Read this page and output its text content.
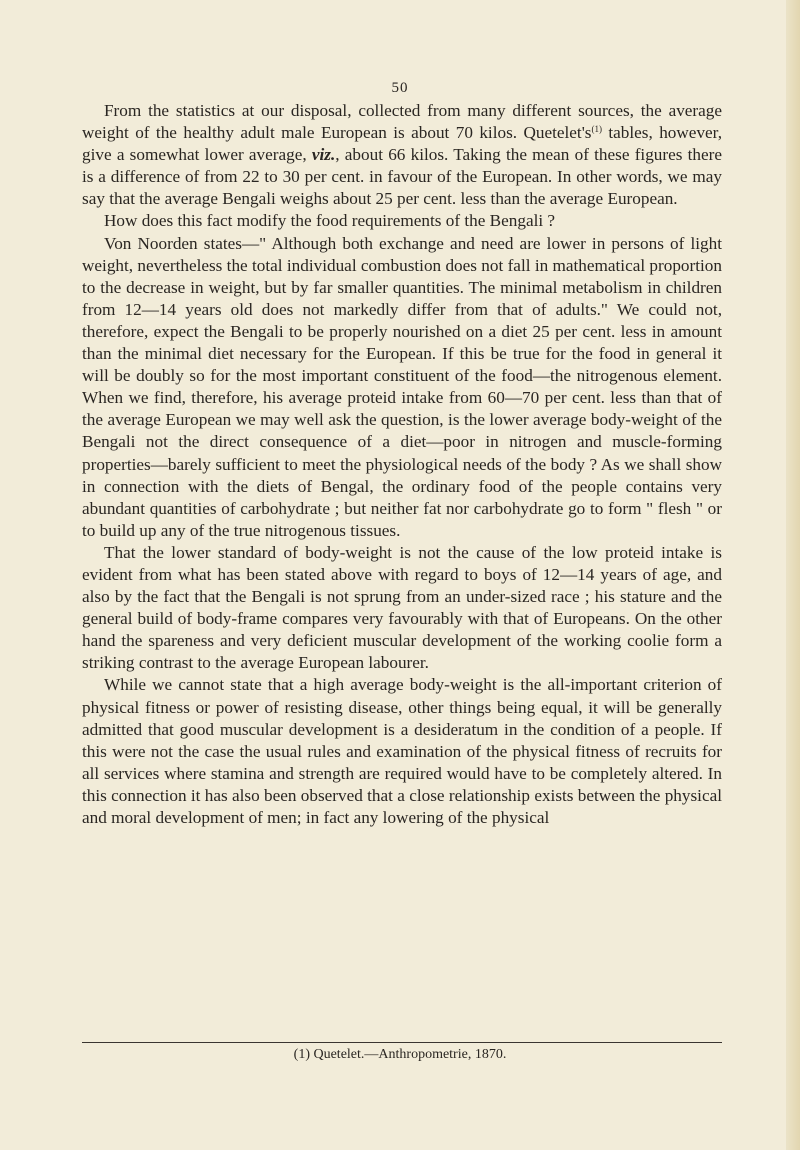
50

From the statistics at our disposal, collected from many different sources, the average weight of the healthy adult male European is about 70 kilos. $Quetelet's^{(1)}$ tables, however, give a somewhat lower average, viz., about 66 kilos. Taking the mean of these figures there is a difference of from 22 to 30 per cent. in favour of the European. In other words, we may say that the average Bengali weighs about 25 per cent. less than the average European.

How does this fact modify the food requirements of the Bengali ?

Von Noorden states—" Although both exchange and need are lower in persons of light weight, nevertheless the total individual combustion does not fall in mathematical proportion to the decrease in weight, but by far smaller quantities. The minimal metabolism in children from 12—14 years old does not markedly differ from that of adults." We could not, therefore, expect the Bengali to be properly nourished on a diet 25 per cent. less in amount than the minimal diet necessary for the European. If this be true for the food in general it will be doubly so for the most important constituent of the food—the nitrogenous element. When we find, therefore, his average proteid intake from 60—70 per cent. less than that of the average European we may well ask the question, is the lower average body-weight of the Bengali not the direct consequence of a diet—poor in nitrogen and muscle-forming properties—barely sufficient to meet the physiological needs of the body ? As we shall show in connection with the diets of Bengal, the ordinary food of the people contains very abundant quantities of carbohydrate ; but neither fat nor carbohydrate go to form " flesh " or to build up any of the true nitrogenous tissues.

That the lower standard of body-weight is not the cause of the low proteid intake is evident from what has been stated above with regard to boys of 12—14 years of age, and also by the fact that the Bengali is not sprung from an under-sized race ; his stature and the general build of body-frame compares very favourably with that of Europeans. On the other hand the spareness and very deficient muscular development of the working coolie form a striking contrast to the average European labourer.

While we cannot state that a high average body-weight is the all-important criterion of physical fitness or power of resisting disease, other things being equal, it will be generally admitted that good muscular development is a desideratum in the condition of a people. If this were not the case the usual rules and examination of the physical fitness of recruits for all services where stamina and strength are required would have to be completely altered. In this connection it has also been observed that a close relationship exists between the physical and moral development of men; in fact any lowering of the physical

(1) Quetelet.—Anthropometrie, 1870.
